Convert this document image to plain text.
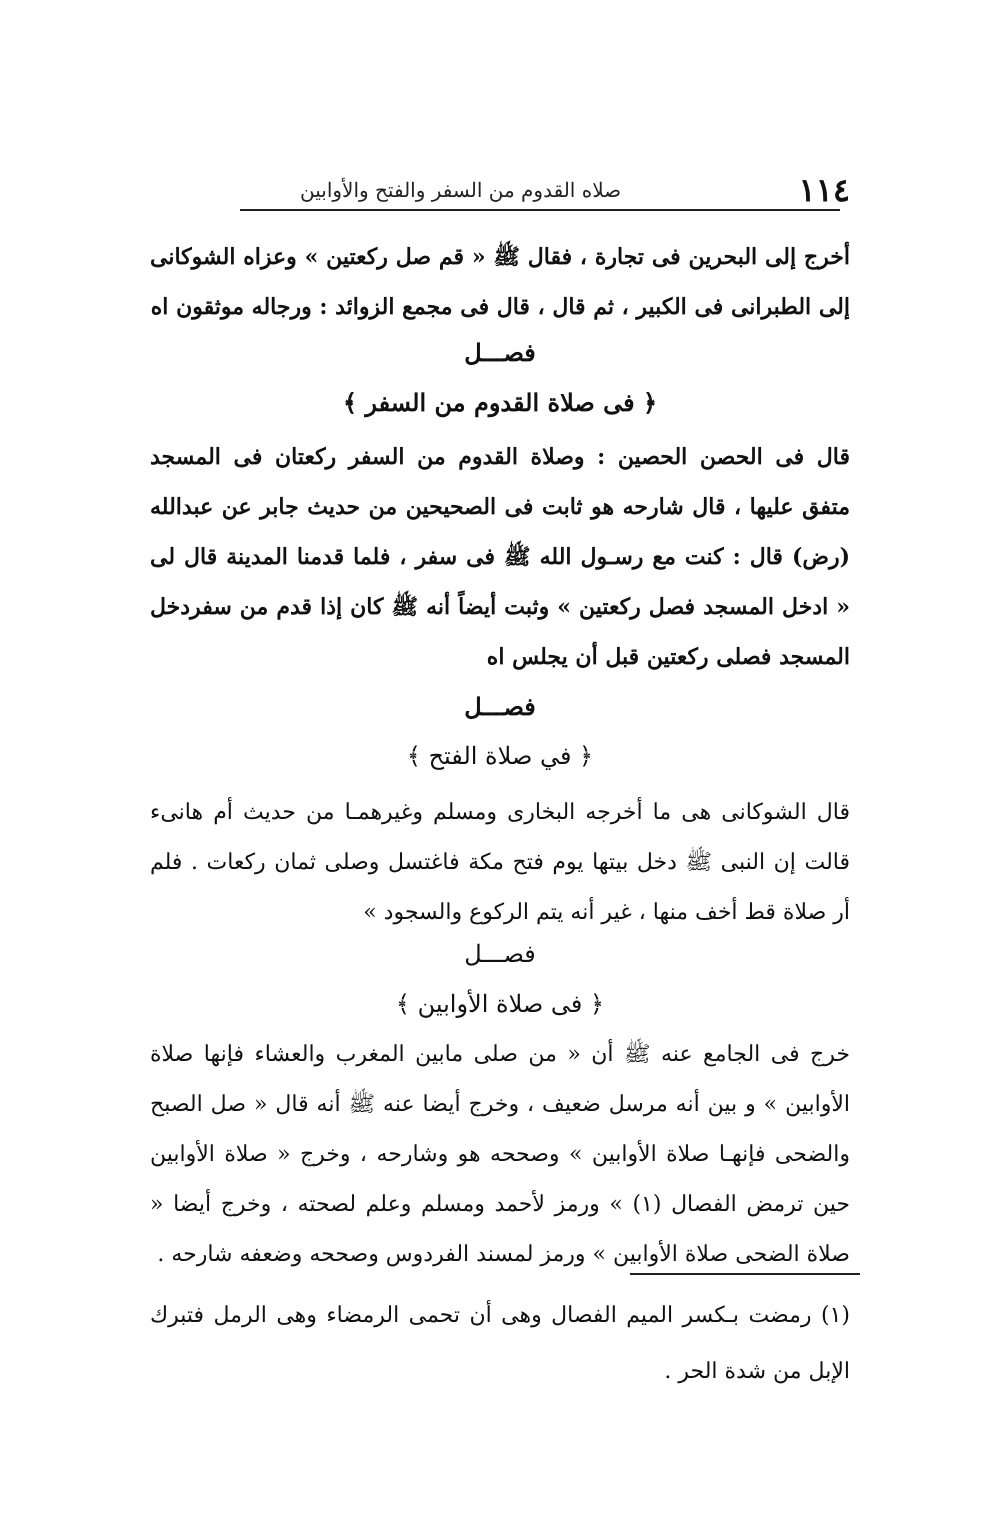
١١٤
صلاه القدوم من السفر والفتح والأوابين
أخرج إلى البحرين فى تجارة ، فقال ﷺ « قم صل ركعتين » وعزاه الشوكانى إلى الطبرانى فى الكبير ، ثم قال ، قال فى مجمع الزوائد : ورجاله موثقون اه
فصـــل
﴿ فى صلاة القدوم من السفر ﴾
قال فى الحصن الحصين : وصلاة القدوم من السفر ركعتان فى المسجد متفق عليها ، قال شارحه هو ثابت فى الصحيحين من حديث جابر عن عبدالله (رض) قال : كنت مع رسـول الله ﷺ فى سفر ، فلما قدمنا المدينة قال لى « ادخل المسجد فصل ركعتين » وثبت أيضاً أنه ﷺ كان إذا قدم من سفردخل المسجد فصلى ركعتين قبل أن يجلس اه
فصـــل
﴿ في صلاة الفتح ﴾
قال الشوكانى هى ما أخرجه البخارى ومسلم وغيرهمـا من حديث أم هانىء قالت إن النبى ﷺ دخل بيتها يوم فتح مكة فاغتسل وصلى ثمان ركعات . فلم أر صلاة قط أخف منها ، غير أنه يتم الركوع والسجود »
فصـــل
﴿ فى صلاة الأوابين ﴾
خرج فى الجامع عنه ﷺ أن « من صلى مابين المغرب والعشاء فإنها صلاة الأوابين » و بين أنه مرسل ضعيف ، وخرج أيضا عنه ﷺ أنه قال « صل الصبح والضحى فإنهـا صلاة الأوابين » وصححه هو وشارحه ، وخرج « صلاة الأوابين حين ترمض الفصال (١) » ورمز لأحمد ومسلم وعلم لصحته ، وخرج أيضا « صلاة الضحى صلاة الأوابين » ورمز لمسند الفردوس وصححه وضعفه شارحه .
(١) رمضت بـكسر الميم الفصال وهى أن تحمى الرمضاء وهى الرمل فتبرك الإبل من شدة الحر .
